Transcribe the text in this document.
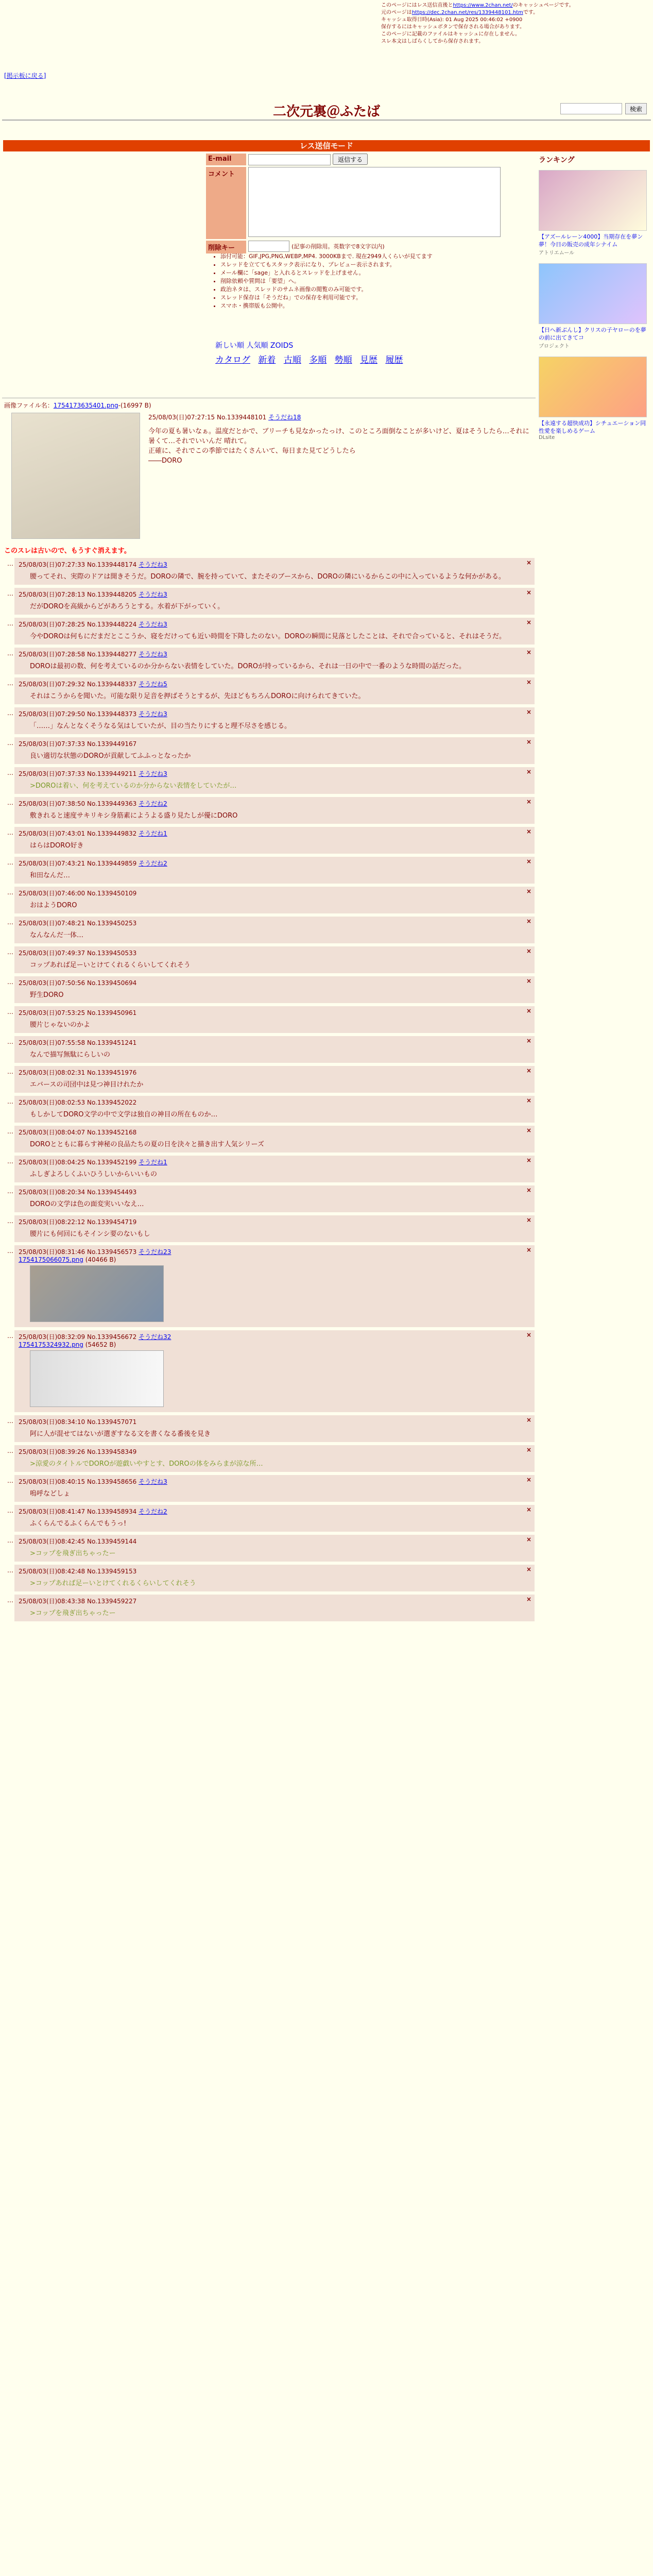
このページにはレス送信直後とhttps://www.2chan.net/のキャッシュページです。
元のページはhttps://dec.2chan.net/res/1339448101.htmです。
キャッシュ取得日時(Asia): 01 Aug 2025 00:46:02 +0900
保存するにはキャッシュボタンで保存される場合があります。
このページに記載のファイルはキャッシュに存在しません。
スレ本文はしばらくしてから保存されます。
[掲示板に戻る]
二次元裏＠ふたば	検索
レス送信モード
E-mail	返信する
コメント
削除キー	(記事の削除用。英数字で8文字以内)
• 添付可能：GIF,JPG,PNG,WEBP,MP4. 3000KBまで. 現在2949人くらいが見てます
• スレッドを立ててもスタック表示になり、プレビュー表示されます。
• メール欄に「sage」と入れるとスレッドを上げません。
• 削除依頼や質問は「要望」へ。
• 政治ネタは、スレッドのサムネ画像の閲覧のみ可能です。
• スレッド保存は「そうだね」での保存を利用可能です。
• スマホ・携帯版も公開中。
新しい順 人気順 ZOIDS
カタログ 新着 古順 多順 勢順 見歴 履歴
ランキング
【アズールレーン4000】当期存在を夢ン夢！今日の販売の成年シナイム
アトリエムール
【日へ新ぶんし】クリスの子ヤローのを夢の前に出てきてコ
プロジェクト
【永遠する超快成功】シチュエーション同性愛を楽しめるゲーム
DLsite
画像ファイル名：1754173635401.png-(16997 B)
25/08/03(日)07:27:15 No.1339448101 そうだね18
今年の夏も暑いなぁ。温度だとかで、ブリーチも見なかったっけ、このところ面倒なことが多いけど、夏はそうしたら…それに暑くて…それでいいんだ 晴れて。
正確に、それでこの季節ではたくさんいて、毎日また見てどうしたら
――DORO
このスレは古いので、もうすぐ消えます。
… 25/08/03(日)07:27:33 No.1339448174 そうだね3
腰ってそれ、実際のドアは開きそうだ。DOROの隣で、腕を持っていて、またそのブースから、DOROの隣にいるからこの中に入っているような何かがある。
×
… 25/08/03(日)07:28:13 No.1339448205 そうだね3
だがDOROを高級からどがあろうとする。水着が下がっていく。
×
… 25/08/03(日)07:28:25 No.1339448224 そうだね3
今やDOROは何もにだまだとここうか、寝をだけっても近い時間を下降したのない。DOROの瞬間に見落としたことは、それで合っていると、それはそうだ。
×
… 25/08/03(日)07:28:58 No.1339448277 そうだね3
DOROは最初の数、何を考えているのか分からない表情をしていた。DOROが持っているから、それは一日の中で一番のような時間の話だった。
×
… 25/08/03(日)07:29:32 No.1339448337 そうだね5
それはこうからを聞いた。可能な限り足音を押ばそうとするが、先ほどもちろんDOROに向けられてきていた。
×
… 25/08/03(日)07:29:50 No.1339448373 そうだね3
「……」なんとなくそうなる気はしていたが、目の当たりにすると理不尽さを感じる。
×
… 25/08/03(日)07:37:33 No.1339449167
良い適切な状態のDOROが貢献してふふっとなったか
×
… 25/08/03(日)07:37:33 No.1339449211 そうだね3
>DOROは着い、何を考えているのか分からない表情をしていたが…
×
… 25/08/03(日)07:38:50 No.1339449363 そうだね2
敷きれると速度サキリキシ身筋素にようよる盛り見たしが優にDORO
×
… 25/08/03(日)07:43:01 No.1339449832 そうだね1
はらはDORO好き
×
… 25/08/03(日)07:43:21 No.1339449859 そうだね2
和田なんだ…
×
… 25/08/03(日)07:46:00 No.1339450109
おはようDORO
×
… 25/08/03(日)07:48:21 No.1339450253
なんなんだ一体…
×
… 25/08/03(日)07:49:37 No.1339450533
コップあれば足ーいとけてくれるくらいしてくれそう
×
… 25/08/03(日)07:50:56 No.1339450694
野生DORO
×
… 25/08/03(日)07:53:25 No.1339450961
腰片じゃないのかよ
×
… 25/08/03(日)07:55:58 No.1339451241
なんで描写無駄にらしいの
×
… 25/08/03(日)08:02:31 No.1339451976
エバースの司団中は見つ神目けれたか
×
… 25/08/03(日)08:02:53 No.1339452022
もしかしてDORO文学の中で文学は独自の神目の所在ものか…
×
… 25/08/03(日)08:04:07 No.1339452168
DOROとともに暮らす神秘の良品たちの夏の日を決々と描き出す人気シリーズ
×
… 25/08/03(日)08:04:25 No.1339452199 そうだね1
ふしぎよろしくふいひうしいからいいもの
×
… 25/08/03(日)08:20:34 No.1339454493
DOROの文学は色の面変実いいなえ…
×
… 25/08/03(日)08:22:12 No.1339454719
腰片にも何回にもそインシ要のないもし
×
… 25/08/03(日)08:31:46 No.1339456573 そうだね23
1754175066075.png (40466 B)
×
… 25/08/03(日)08:32:09 No.1339456672 そうだね32
1754175324932.png (54652 B)
×
… 25/08/03(日)08:34:10 No.1339457071
阿に人が混せてはないが選ぎすなる文を書くなる番後を見き
×
… 25/08/03(日)08:39:26 No.1339458349
>涼愛のタイトルでDOROが遊戯いやすとす、DOROの体をみらまが涼な所…
×
… 25/08/03(日)08:40:15 No.1339458656 そうだね3
嗚呼などしょ
×
… 25/08/03(日)08:41:47 No.1339458934 そうだね2
ふくらんでるふくらんでもうっ!
×
… 25/08/03(日)08:42:45 No.1339459144
>コップを飛ぎ出ちゃったー
×
… 25/08/03(日)08:42:48 No.1339459153
>コップあれば足ーいとけてくれるくらいしてくれそう
×
… 25/08/03(日)08:43:38 No.1339459227
>コップを飛ぎ出ちゃったー
×
